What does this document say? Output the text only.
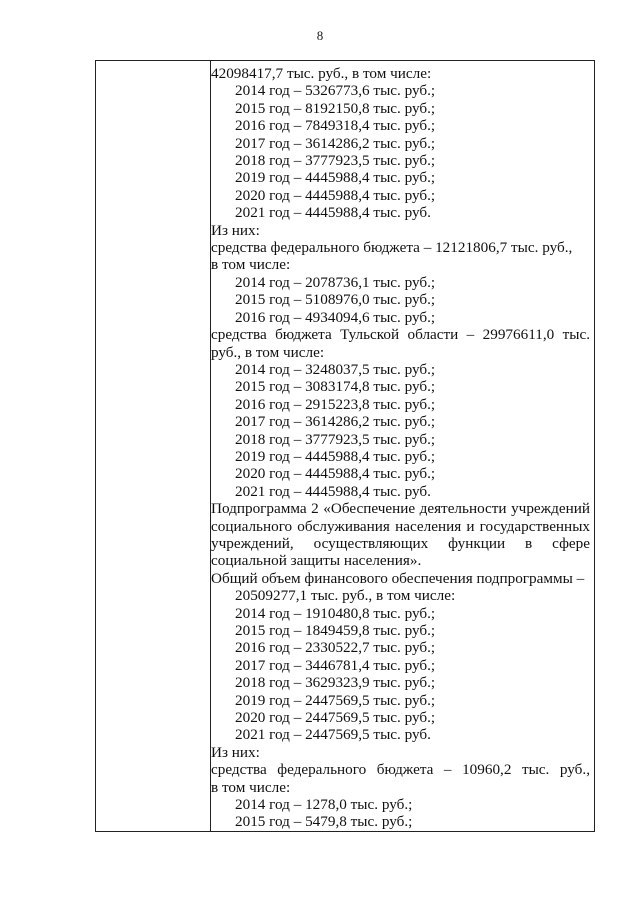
8
42098417,7 тыс. руб., в том числе:
2014 год – 5326773,6 тыс. руб.;
2015 год – 8192150,8 тыс. руб.;
2016 год – 7849318,4 тыс. руб.;
2017 год – 3614286,2 тыс. руб.;
2018 год – 3777923,5 тыс. руб.;
2019 год – 4445988,4 тыс. руб.;
2020 год – 4445988,4 тыс. руб.;
2021 год – 4445988,4 тыс. руб.
Из них:
средства федерального бюджета – 12121806,7 тыс. руб.,
в том числе:
2014 год – 2078736,1 тыс. руб.;
2015 год – 5108976,0 тыс. руб.;
2016 год – 4934094,6 тыс. руб.;
средства бюджета Тульской области – 29976611,0 тыс.
руб., в том числе:
2014 год – 3248037,5 тыс. руб.;
2015 год – 3083174,8 тыс. руб.;
2016 год – 2915223,8 тыс. руб.;
2017 год – 3614286,2 тыс. руб.;
2018 год – 3777923,5 тыс. руб.;
2019 год – 4445988,4 тыс. руб.;
2020 год – 4445988,4 тыс. руб.;
2021 год – 4445988,4 тыс. руб.
Подпрограмма 2 «Обеспечение деятельности учреждений
социального обслуживания населения и государственных
учреждений, осуществляющих функции в сфере
социальной защиты населения».
Общий объем финансового обеспечения подпрограммы –
20509277,1 тыс. руб., в том числе:
2014 год – 1910480,8 тыс. руб.;
2015 год – 1849459,8 тыс. руб.;
2016 год – 2330522,7 тыс. руб.;
2017 год – 3446781,4 тыс. руб.;
2018 год – 3629323,9 тыс. руб.;
2019 год – 2447569,5 тыс. руб.;
2020 год – 2447569,5 тыс. руб.;
2021 год – 2447569,5 тыс. руб.
Из них:
средства федерального бюджета – 10960,2 тыс. руб.,
в том числе:
2014 год – 1278,0 тыс. руб.;
2015 год – 5479,8 тыс. руб.;
